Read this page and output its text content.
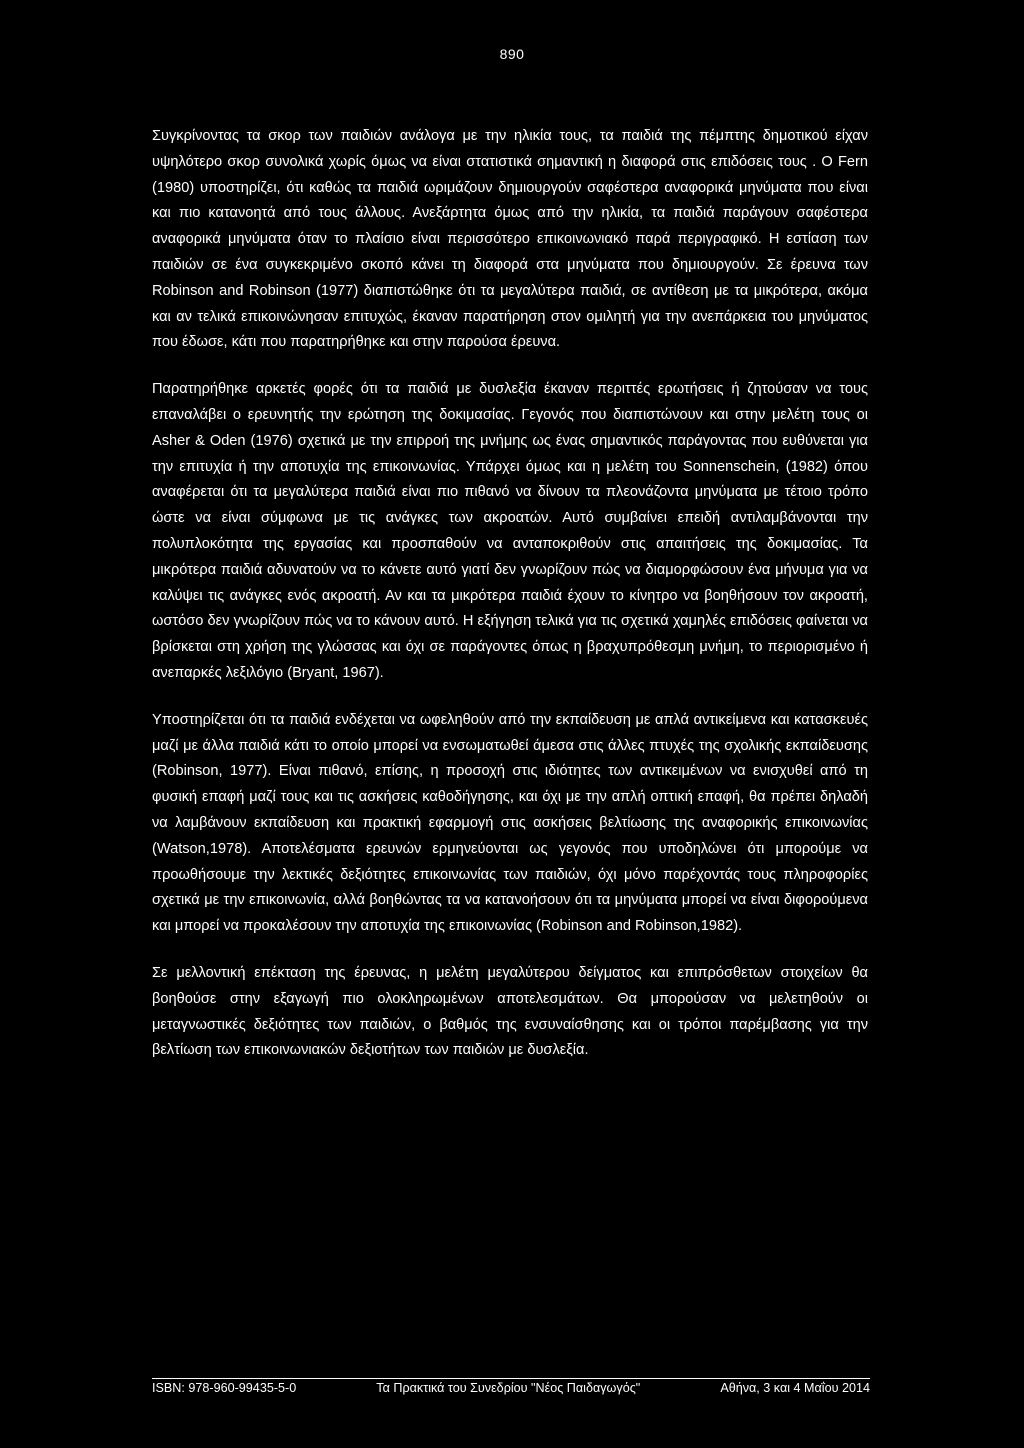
890

Συγκρίνοντας τα σκορ των παιδιών ανάλογα με την ηλικία τους, τα παιδιά της πέμπτης δημοτικού είχαν υψηλότερο σκορ συνολικά χωρίς όμως να είναι στατιστικά σημαντική η διαφορά στις επιδόσεις τους . Ο Fern (1980) υποστηρίζει, ότι καθώς τα παιδιά ωριμάζουν δημιουργούν σαφέστερα αναφορικά μηνύματα που είναι και πιο κατανοητά από τους άλλους. Ανεξάρτητα όμως από την ηλικία, τα παιδιά παράγουν σαφέστερα αναφορικά μηνύματα όταν το πλαίσιο είναι περισσότερο επικοινωνιακό παρά περιγραφικό. Η εστίαση των παιδιών σε ένα συγκεκριμένο σκοπό κάνει τη διαφορά στα μηνύματα που δημιουργούν. Σε έρευνα των Robinson and Robinson (1977) διαπιστώθηκε ότι τα μεγαλύτερα παιδιά, σε αντίθεση με τα μικρότερα, ακόμα και αν τελικά επικοινώνησαν επιτυχώς, έκαναν παρατήρηση στον ομιλητή για την ανεπάρκεια του μηνύματος που έδωσε, κάτι που παρατηρήθηκε και στην παρούσα έρευνα.

Παρατηρήθηκε αρκετές φορές ότι τα παιδιά με δυσλεξία έκαναν περιττές ερωτήσεις ή ζητούσαν να τους επαναλάβει ο ερευνητής την ερώτηση της δοκιμασίας. Γεγονός που διαπιστώνουν και στην μελέτη τους οι Asher & Oden (1976) σχετικά με την επιρροή της μνήμης ως ένας σημαντικός παράγοντας που ευθύνεται για την επιτυχία ή την αποτυχία της επικοινωνίας. Υπάρχει όμως και η μελέτη του Sonnenschein, (1982) όπου αναφέρεται ότι τα μεγαλύτερα παιδιά είναι πιο πιθανό να δίνουν τα πλεονάζοντα μηνύματα με τέτοιο τρόπο ώστε να είναι σύμφωνα με τις ανάγκες των ακροατών. Αυτό συμβαίνει επειδή αντιλαμβάνονται την πολυπλοκότητα της εργασίας και προσπαθούν να ανταποκριθούν στις απαιτήσεις της δοκιμασίας. Τα μικρότερα παιδιά αδυνατούν να το κάνετε αυτό γιατί δεν γνωρίζουν πώς να διαμορφώσουν ένα μήνυμα για να καλύψει τις ανάγκες ενός ακροατή. Αν και τα μικρότερα παιδιά έχουν το κίνητρο να βοηθήσουν τον ακροατή, ωστόσο δεν γνωρίζουν πώς να το κάνουν αυτό. Η εξήγηση τελικά για τις σχετικά χαμηλές επιδόσεις φαίνεται να βρίσκεται στη χρήση της γλώσσας και όχι σε παράγοντες όπως η βραχυπρόθεσμη μνήμη, το περιορισμένο ή ανεπαρκές λεξιλόγιο (Bryant, 1967).

Υποστηρίζεται ότι τα παιδιά ενδέχεται να ωφεληθούν από την εκπαίδευση με απλά αντικείμενα και κατασκευές μαζί με άλλα παιδιά κάτι το οποίο μπορεί να ενσωματωθεί άμεσα στις άλλες πτυχές της σχολικής εκπαίδευσης (Robinson, 1977). Είναι πιθανό, επίσης, η προσοχή στις ιδιότητες των αντικειμένων να ενισχυθεί από τη φυσική επαφή μαζί τους και τις ασκήσεις καθοδήγησης, και όχι με την απλή οπτική επαφή, θα πρέπει δηλαδή να λαμβάνουν εκπαίδευση και πρακτική εφαρμογή στις ασκήσεις βελτίωσης της αναφορικής επικοινωνίας (Watson,1978). Αποτελέσματα ερευνών ερμηνεύονται ως γεγονός που υποδηλώνει ότι μπορούμε να προωθήσουμε την λεκτικές δεξιότητες επικοινωνίας των παιδιών, όχι μόνο παρέχοντάς τους πληροφορίες σχετικά με την επικοινωνία, αλλά βοηθώντας τα να κατανοήσουν ότι τα μηνύματα μπορεί να είναι διφορούμενα και μπορεί να προκαλέσουν την αποτυχία της επικοινωνίας (Robinson and Robinson,1982).

Σε μελλοντική επέκταση της έρευνας, η μελέτη μεγαλύτερου δείγματος και επιπρόσθετων στοιχείων θα βοηθούσε στην εξαγωγή πιο ολοκληρωμένων αποτελεσμάτων. Θα μπορούσαν να μελετηθούν οι μεταγνωστικές δεξιότητες των παιδιών, ο βαθμός της ενσυναίσθησης και οι τρόποι παρέμβασης για την βελτίωση των επικοινωνιακών δεξιοτήτων των παιδιών με δυσλεξία.

ISBN: 978-960-99435-5-0	Τα Πρακτικά του Συνεδρίου "Νέος Παιδαγωγός"	Αθήνα, 3 και 4 Μαΐου 2014
